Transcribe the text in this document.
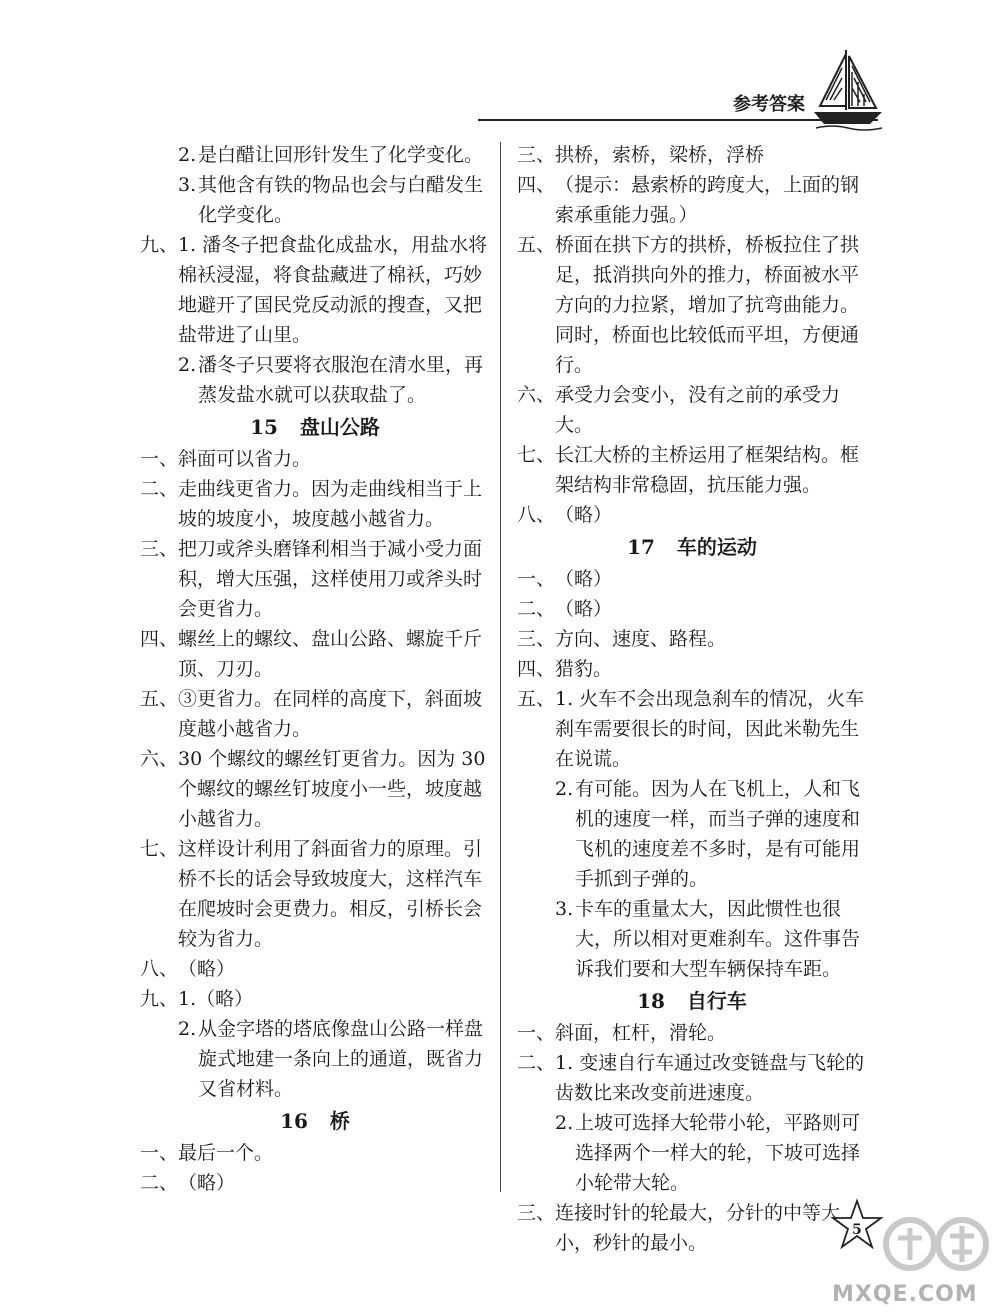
参考答案
2. 是白醋让回形针发生了化学变化。
3. 其他含有铁的物品也会与白醋发生化学变化。
九、 1. 潘冬子把食盐化成盐水，用盐水将棉袄浸湿，将食盐藏进了棉袄，巧妙地避开了国民党反动派的搜查，又把盐带进了山里。
2. 潘冬子只要将衣服泡在清水里，再蒸发盐水就可以获取盐了。
15 盘山公路
一、 斜面可以省力。
二、 走曲线更省力。因为走曲线相当于上坡的坡度小，坡度越小越省力。
三、 把刀或斧头磨锋利相当于减小受力面积，增大压强，这样使用刀或斧头时会更省力。
四、 螺丝上的螺纹、盘山公路、螺旋千斤顶、刀刃。
五、 ③更省力。在同样的高度下，斜面坡度越小越省力。
六、 30 个螺纹的螺丝钉更省力。因为 30 个螺纹的螺丝钉坡度小一些，坡度越小越省力。
七、 这样设计利用了斜面省力的原理。引桥不长的话会导致坡度大，这样汽车在爬坡时会更费力。相反，引桥长会较为省力。
八、 （略）
九、 1.（略）
2. 从金字塔的塔底像盘山公路一样盘旋式地建一条向上的通道，既省力又省材料。
16 桥
一、 最后一个。
二、 （略）
三、 拱桥，索桥，梁桥，浮桥
四、 （提示：悬索桥的跨度大，上面的钢索承重能力强。）
五、 桥面在拱下方的拱桥，桥板拉住了拱足，抵消拱向外的推力，桥面被水平方向的力拉紧，增加了抗弯曲能力。同时，桥面也比较低而平坦，方便通行。
六、 承受力会变小，没有之前的承受力大。
七、 长江大桥的主桥运用了框架结构。框架结构非常稳固，抗压能力强。
八、 （略）
17 车的运动
一、 （略）
二、 （略）
三、 方向、速度、路程。
四、 猎豹。
五、 1. 火车不会出现急刹车的情况，火车刹车需要很长的时间，因此米勒先生在说谎。
2. 有可能。因为人在飞机上，人和飞机的速度一样，而当子弹的速度和飞机的速度差不多时，是有可能用手抓到子弹的。
3. 卡车的重量太大，因此惯性也很大，所以相对更难刹车。这件事告诉我们要和大型车辆保持车距。
18 自行车
一、 斜面，杠杆，滑轮。
二、 1. 变速自行车通过改变链盘与飞轮的齿数比来改变前进速度。
2. 上坡可选择大轮带小轮，平路则可选择两个一样大的轮，下坡可选择小轮带大轮。
三、 连接时针的轮最大，分针的中等大小，秒针的最小。
5
MXQE.COM
